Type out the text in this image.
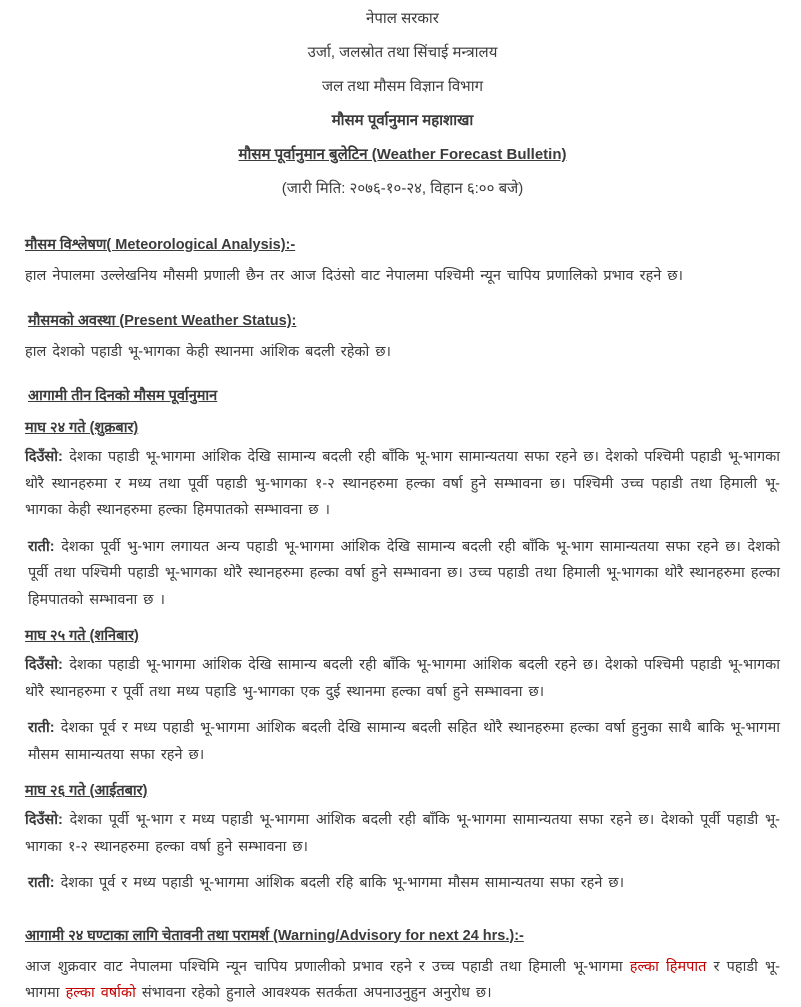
नेपाल सरकार
उर्जा, जलस्रोत तथा सिंचाई मन्त्रालय
जल तथा मौसम विज्ञान विभाग
मौसम पूर्वानुमान महाशाखा
मौसम पूर्वानुमान बुलेटिन (Weather Forecast Bulletin)
(जारी मिति: २०७६-१०-२४, विहान ६:०० बजे)
मौसम विश्लेषण( Meteorological Analysis):-

हाल नेपालमा उल्लेखनिय मौसमी प्रणाली छैन तर आज दिउंसो वाट नेपालमा पश्चिमी न्यून चापिय प्रणालिको प्रभाव रहने छ।

मौसमको अवस्था (Present Weather Status):

हाल देशको पहाडी भू-भागका केही स्थानमा आंशिक बदली रहेको छ।

आगामी तीन दिनको मौसम पूर्वानुमान
माघ २४ गते (शुक्रबार)

दिउँसो: देशका पहाडी भू-भागमा आंशिक देखि सामान्य बदली रही बाँकि भू-भाग सामान्यतया सफा रहने छ। देशको पश्चिमी पहाडी भू-भागका थोरै स्थानहरुमा र मध्य तथा पूर्वी पहाडी भु-भागका १-२ स्थानहरुमा हल्का वर्षा हुने सम्भावना छ। पश्चिमी उच्च पहाडी तथा हिमाली भू-भागका केही स्थानहरुमा हल्का हिमपातको सम्भावना छ ।

राती: देशका पूर्वी भु-भाग लगायत अन्य पहाडी भू-भागमा आंशिक देखि सामान्य बदली रही बाँकि भू-भाग सामान्यतया सफा रहने छ। देशको पूर्वी तथा पश्चिमी पहाडी भू-भागका थोरै स्थानहरुमा हल्का वर्षा हुने सम्भावना छ। उच्च पहाडी तथा हिमाली भू-भागका थोरै स्थानहरुमा हल्का हिमपातको सम्भावना छ ।

माघ २५ गते (शनिबार)

दिउँसो: देशका पहाडी भू-भागमा आंशिक देखि सामान्य बदली रही बाँकि भू-भागमा आंशिक बदली रहने छ। देशको पश्चिमी पहाडी भू-भागका थोरै स्थानहरुमा र पूर्वी तथा मध्य पहाडि भु-भागका एक दुई स्थानमा हल्का वर्षा हुने सम्भावना छ।

राती: देशका पूर्व र मध्य पहाडी भू-भागमा आंशिक बदली देखि सामान्य बदली सहित थोरै स्थानहरुमा हल्का वर्षा हुनुका साथै बाकि भू-भागमा मौसम सामान्यतया सफा रहने छ।

माघ २६ गते (आईतबार)

दिउँसो: देशका पूर्वी भू-भाग र मध्य पहाडी भू-भागमा आंशिक बदली रही बाँकि भू-भागमा सामान्यतया सफा रहने छ। देशको पूर्वी पहाडी भू-भागका १-२ स्थानहरुमा हल्का वर्षा हुने सम्भावना छ।

राती: देशका पूर्व र मध्य पहाडी भू-भागमा आंशिक बदली रहि बाकि भू-भागमा मौसम सामान्यतया सफा रहने छ।

आगामी २४ घण्टाका लागि चेतावनी तथा परामर्श (Warning/Advisory for next 24 hrs.):-

आज शुक्रवार वाट नेपालमा पश्चिमि न्यून चापिय प्रणालीको प्रभाव रहने र उच्च पहाडी तथा हिमाली भू-भागमा हल्का हिमपात र पहाडी भू-भागमा हल्का वर्षाको संभावना रहेको हुनाले आवश्यक सतर्कता अपनाउनुहुन अनुरोध छ।
